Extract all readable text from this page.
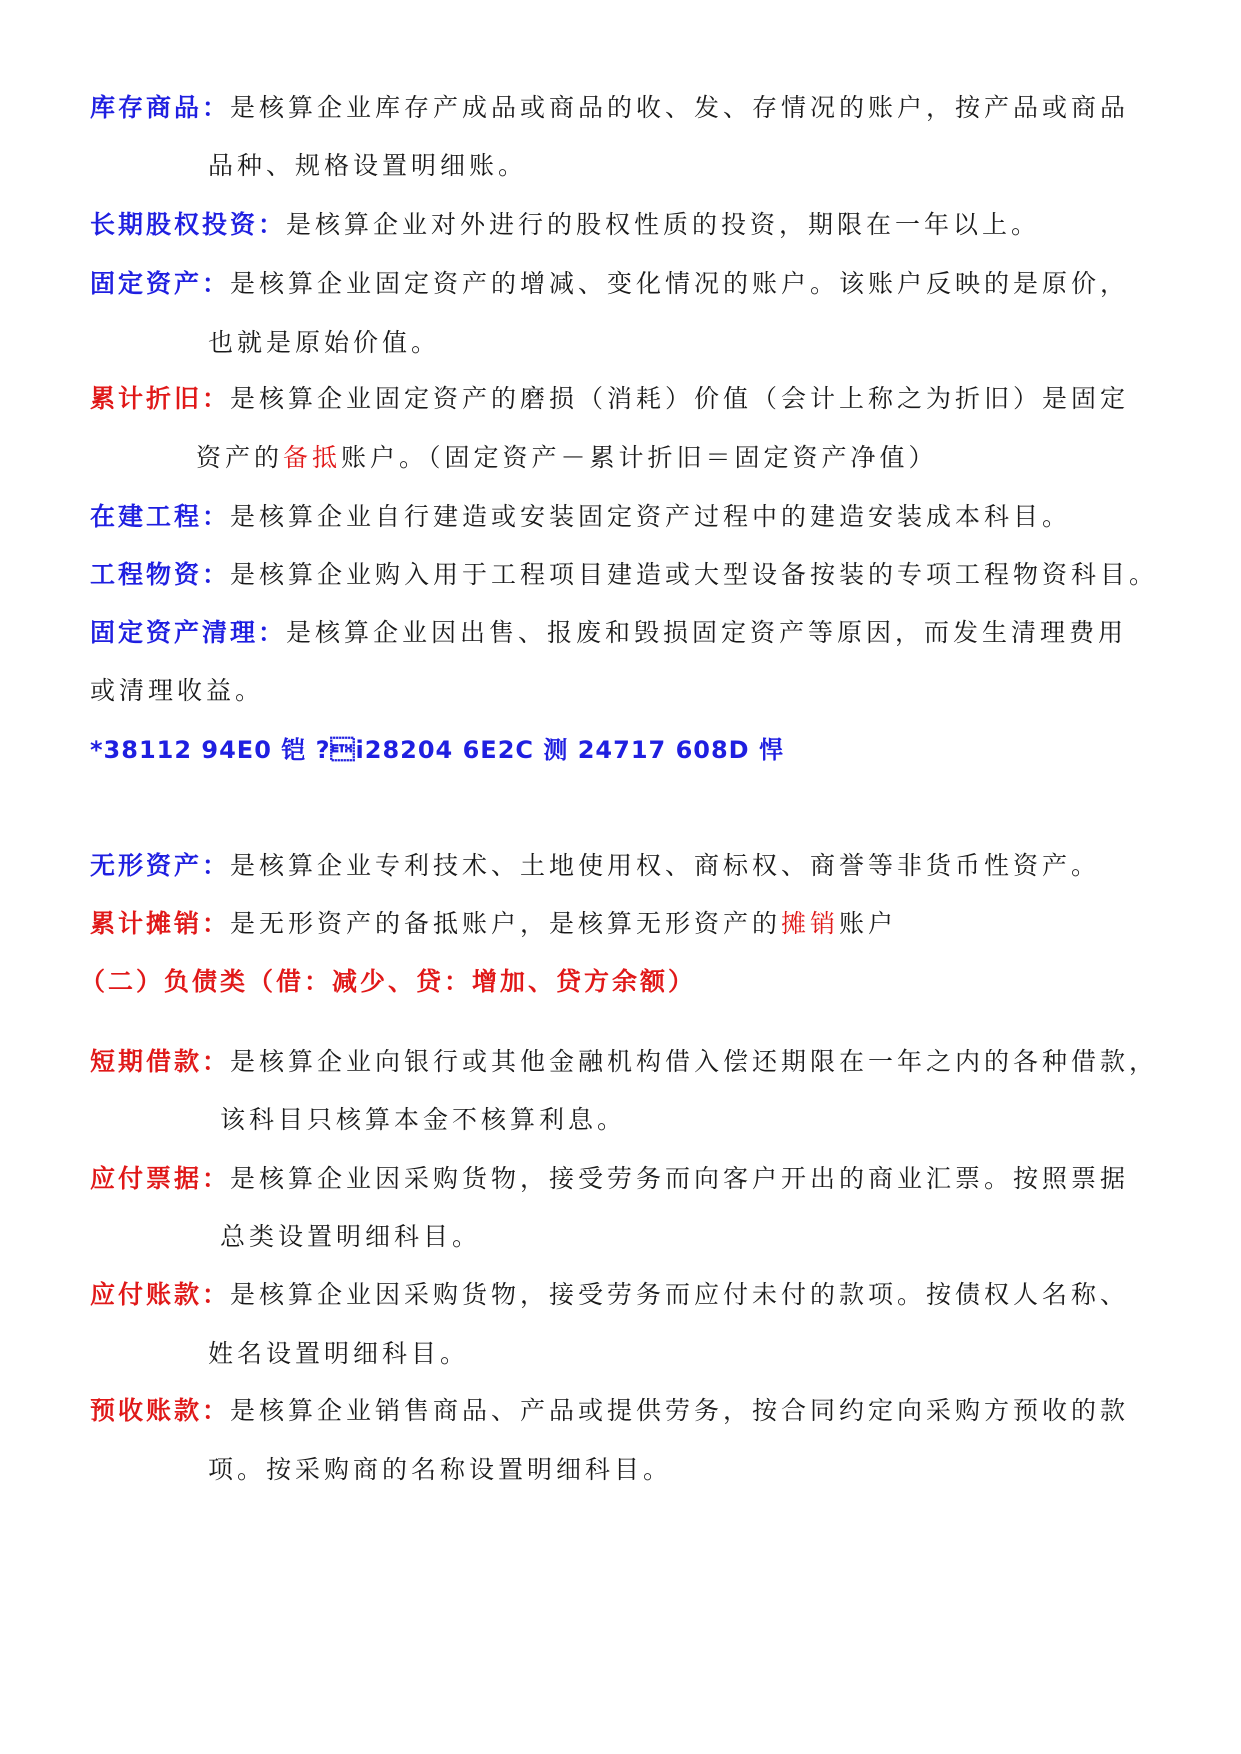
库存商品：是核算企业库存产成品或商品的收、发、存情况的账户，按产品或商品
品种、规格设置明细账。
长期股权投资：是核算企业对外进行的股权性质的投资，期限在一年以上。
固定资产：是核算企业固定资产的增减、变化情况的账户。该账户反映的是原价，
也就是原始价值。
累计折旧：是核算企业固定资产的磨损（消耗）价值（会计上称之为折旧）是固定
资产的备抵账户。（固定资产－累计折旧＝固定资产净值）
在建工程：是核算企业自行建造或安装固定资产过程中的建造安装成本科目。
工程物资：是核算企业购入用于工程项目建造或大型设备按装的专项工程物资科目。
固定资产清理：是核算企业因出售、报废和毁损固定资产等原因，而发生清理费用
或清理收益。
*38112 94E0 铠 ?i28204 6E2C 测 24717 608D 悍
无形资产：是核算企业专利技术、土地使用权、商标权、商誉等非货币性资产。
累计摊销：是无形资产的备抵账户，是核算无形资产的摊销账户
（二）负债类（借：减少、贷：增加、贷方余额）
短期借款：是核算企业向银行或其他金融机构借入偿还期限在一年之内的各种借款，
该科目只核算本金不核算利息。
应付票据：是核算企业因采购货物，接受劳务而向客户开出的商业汇票。按照票据
总类设置明细科目。
应付账款：是核算企业因采购货物，接受劳务而应付未付的款项。按债权人名称、
姓名设置明细科目。
预收账款：是核算企业销售商品、产品或提供劳务，按合同约定向采购方预收的款
项。按采购商的名称设置明细科目。
